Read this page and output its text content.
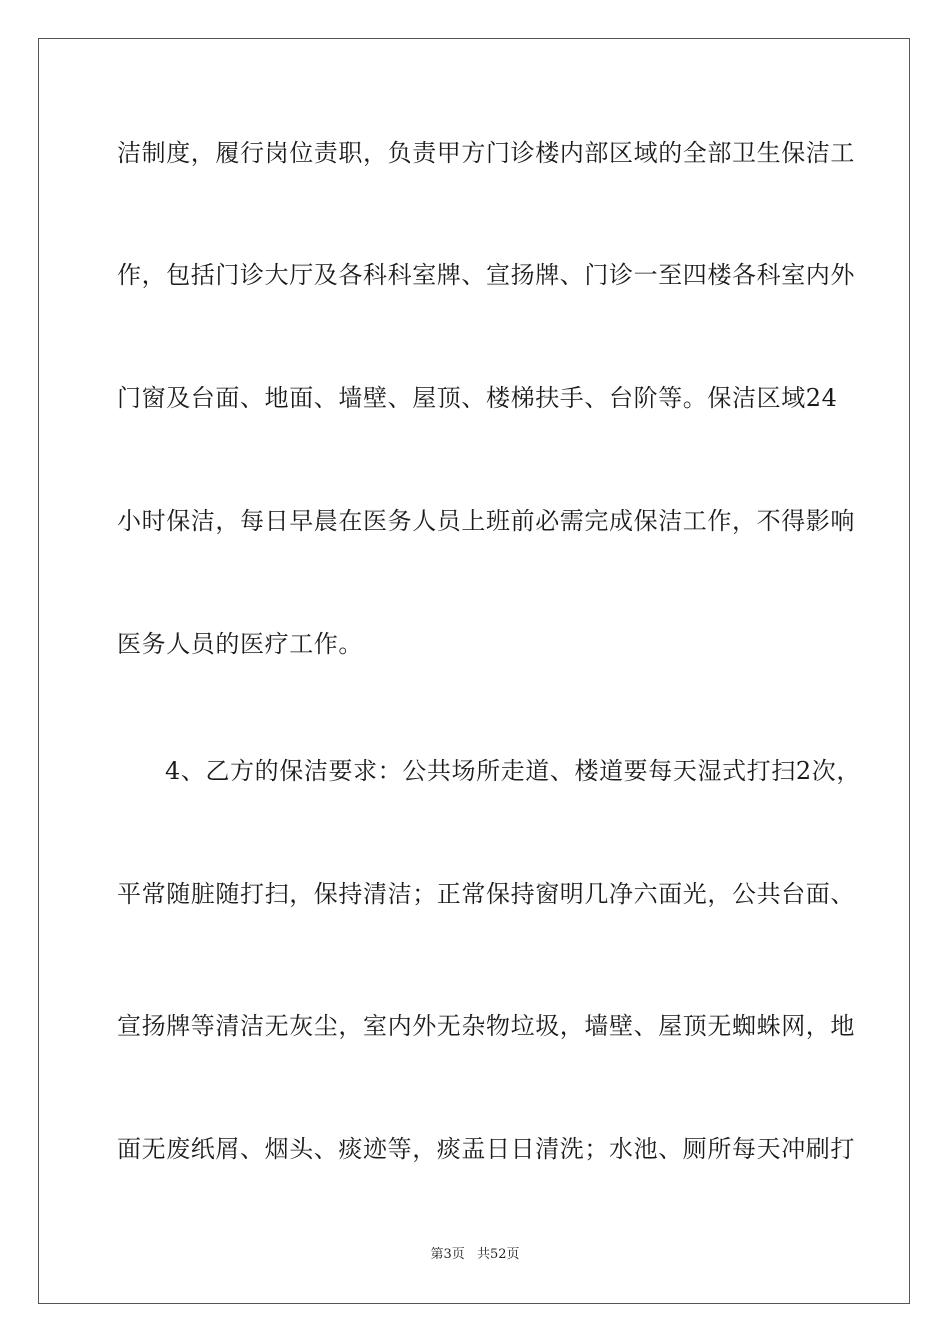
洁制度，履行岗位责职，负责甲方门诊楼内部区域的全部卫生保洁工
作，包括门诊大厅及各科科室牌、宣扬牌、门诊一至四楼各科室内外
门窗及台面、地面、墙壁、屋顶、楼梯扶手、台阶等。保洁区域24
小时保洁，每日早晨在医务人员上班前必需完成保洁工作，不得影响
医务人员的医疗工作。
4、乙方的保洁要求：公共场所走道、楼道要每天湿式打扫2次，
平常随脏随打扫，保持清洁；正常保持窗明几净六面光，公共台面、
宣扬牌等清洁无灰尘，室内外无杂物垃圾，墙壁、屋顶无蜘蛛网，地
面无废纸屑、烟头、痰迹等，痰盂日日清洗；水池、厕所每天冲刷打
第3页 共52页
